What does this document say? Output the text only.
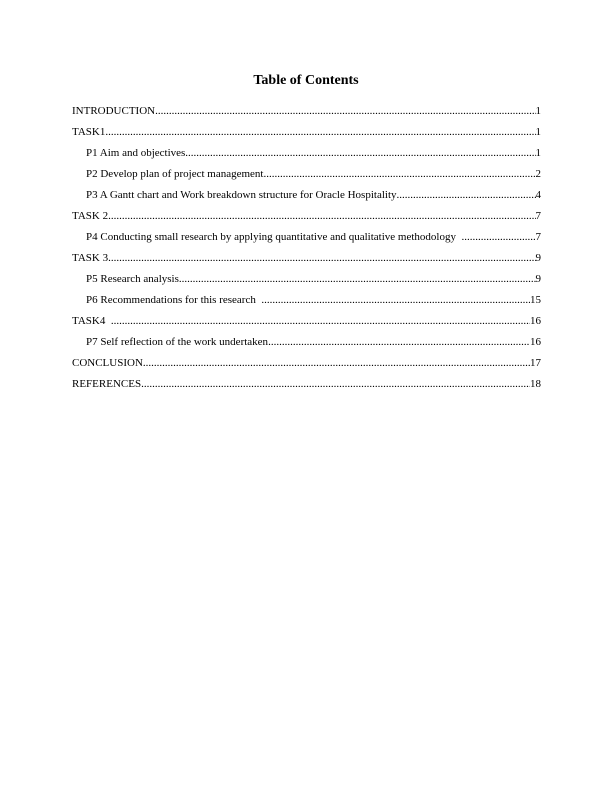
Table of Contents
INTRODUCTION .....	1
TASK1 .....	1
P1 Aim and objectives .....	1
P2 Develop plan of project management .....	2
P3 A Gantt chart and Work breakdown structure for Oracle Hospitality .....	4
TASK 2 .....	7
P4 Conducting small research by applying quantitative and qualitative methodology .....	7
TASK 3 .....	9
P5 Research analysis .....	9
P6 Recommendations for this research .....	15
TASK4 .....	16
P7 Self reflection of the work undertaken .....	16
CONCLUSION .....	17
REFERENCES .....	18
